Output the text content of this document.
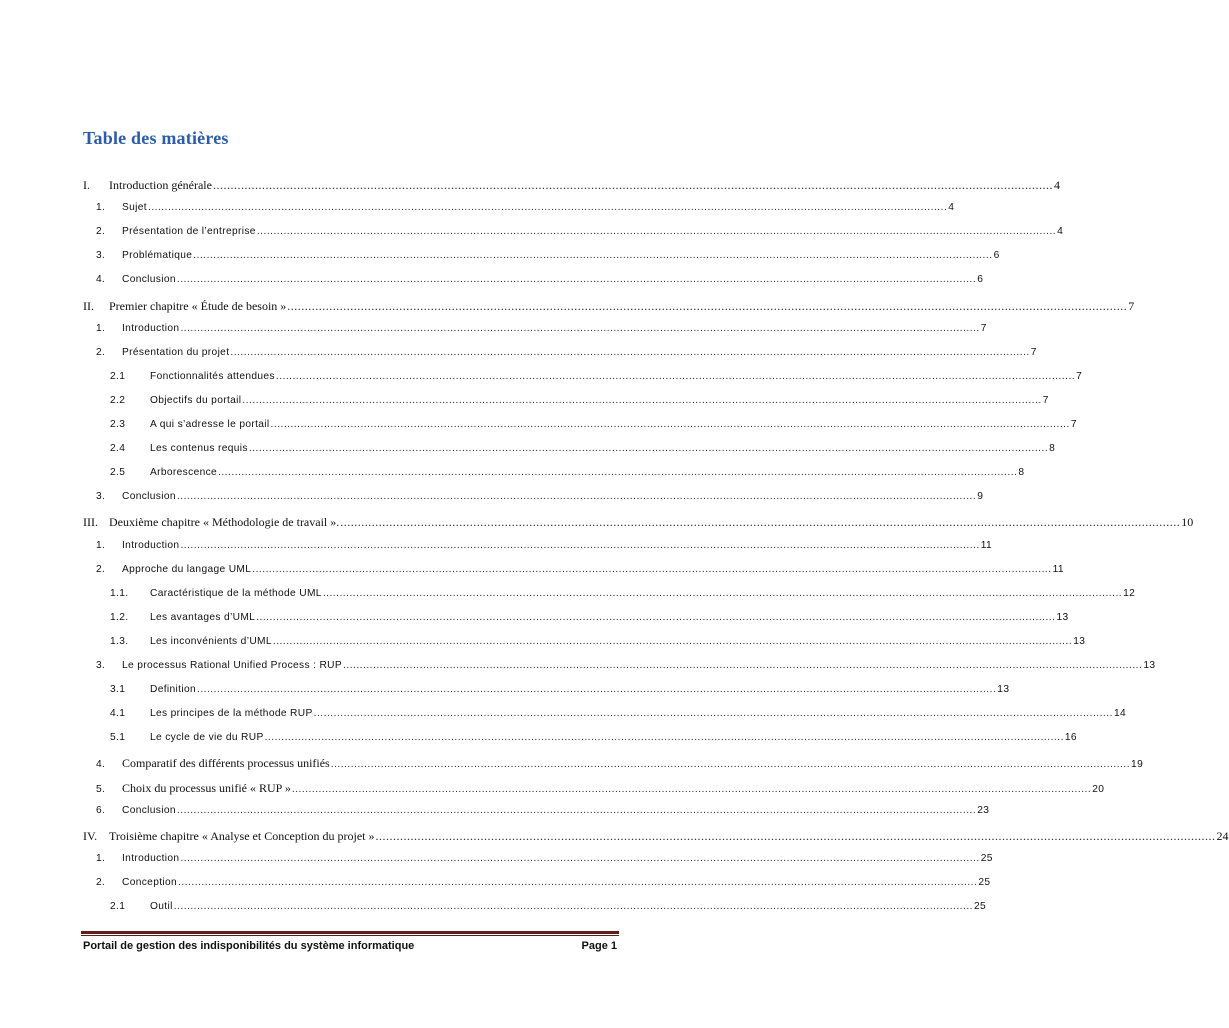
Table des matières
I.	Introduction générale ................................................................................................................................................................................................................................................ 4
1.	Sujet ................................................................................................................................................................................................................................................ 4
2.	Présentation de l’entreprise ................................................................................................................................................................................................................................................ 4
3.	Problématique ................................................................................................................................................................................................................................................ 6
4.	Conclusion ................................................................................................................................................................................................................................................ 6
II.	Premier chapitre « Étude de besoin » ................................................................................................................................................................................................................................................ 7
1.	Introduction ................................................................................................................................................................................................................................................ 7
2.	Présentation du projet ................................................................................................................................................................................................................................................ 7
2.1	Fonctionnalités attendues ................................................................................................................................................................................................................................................ 7
2.2	Objectifs du portail ................................................................................................................................................................................................................................................ 7
2.3	A qui s’adresse le portail ................................................................................................................................................................................................................................................ 7
2.4	Les contenus requis ................................................................................................................................................................................................................................................ 8
2.5	Arborescence ................................................................................................................................................................................................................................................ 8
3.	Conclusion ................................................................................................................................................................................................................................................ 9
III. Deuxième chapitre « Méthodologie de travail ». ................................................................................................................................................................................................................................................ 10
1.	Introduction ................................................................................................................................................................................................................................................ 11
2.	Approche du langage UML ................................................................................................................................................................................................................................................ 11
1.1.	Caractéristique de la méthode UML ................................................................................................................................................................................................................................................ 12
1.2.	Les avantages d’UML ................................................................................................................................................................................................................................................ 13
1.3.	Les inconvénients d’UML ................................................................................................................................................................................................................................................ 13
3.	Le processus Rational Unified Process : RUP ................................................................................................................................................................................................................................................ 13
3.1	Definition ................................................................................................................................................................................................................................................ 13
4.1	Les principes de la méthode RUP ................................................................................................................................................................................................................................................ 14
5.1	Le cycle de vie du RUP ................................................................................................................................................................................................................................................ 16
4.	Comparatif des différents processus unifiés ................................................................................................................................................................................................................................................ 19
5.	Choix du processus unifié « RUP » ................................................................................................................................................................................................................................................ 20
6.	Conclusion ................................................................................................................................................................................................................................................ 23
IV. Troisième chapitre « Analyse et Conception du projet » ................................................................................................................................................................................................................................................ 24
1.	Introduction ................................................................................................................................................................................................................................................ 25
2.	Conception ................................................................................................................................................................................................................................................ 25
2.1	Outil ................................................................................................................................................................................................................................................ 25
Portail de gestion des indisponibilités du système informatique	Page 1
